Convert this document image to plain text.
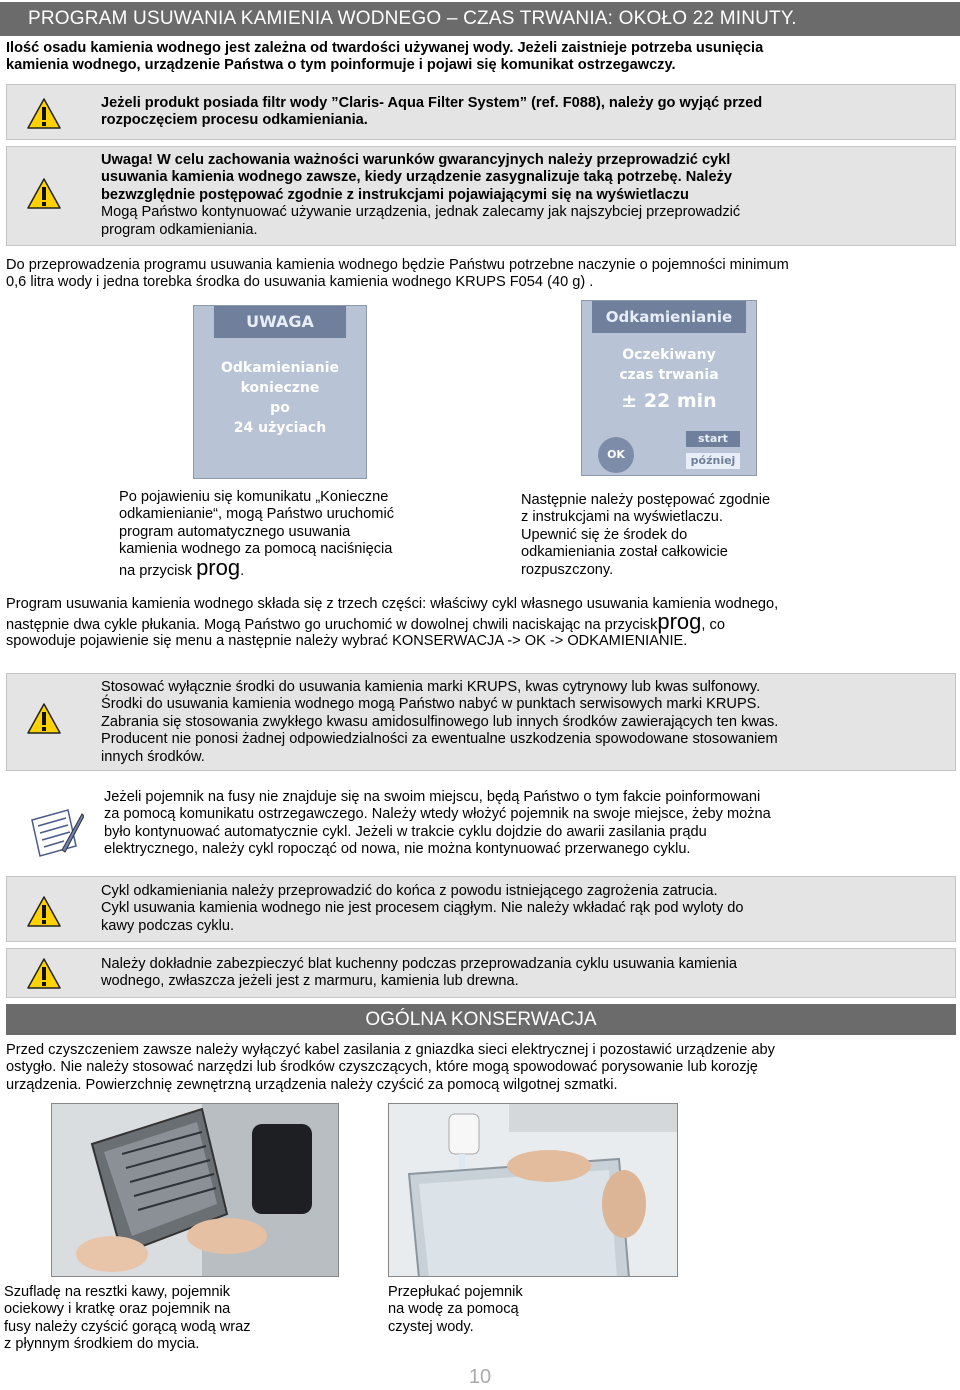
PROGRAM USUWANIA KAMIENIA WODNEGO – CZAS TRWANIA: OKOŁO 22 MINUTY.
Ilość osadu kamienia wodnego jest zależna od twardości używanej wody. Jeżeli zaistnieje potrzeba usunięcia
kamienia wodnego, urządzenie Państwa o tym poinformuje i pojawi się komunikat ostrzegawczy.
Jeżeli produkt posiada filtr wody ”Claris- Aqua Filter System” (ref. F088), należy go wyjąć przed
rozpoczęciem procesu odkamieniania.
Uwaga! W celu zachowania ważności warunków gwarancyjnych należy przeprowadzić cykl
usuwania kamienia wodnego zawsze, kiedy urządzenie zasygnalizuje taką potrzebę. Należy
bezwzględnie postępować zgodnie z instrukcjami pojawiającymi się na wyświetlaczu
Mogą Państwo kontynuować używanie urządzenia, jednak zalecamy jak najszybciej przeprowadzić
program odkamieniania.
Do przeprowadzenia programu usuwania kamienia wodnego będzie Państwu potrzebne naczynie o pojemności minimum
0,6 litra wody i jedna torebka środka do usuwania kamienia wodnego KRUPS F054 (40 g) .
UWAGA
Odkamienianie
konieczne
po
24 użyciach
Odkamienianie
Oczekiwany
czas trwania
± 22 min
OK
start
później
Po pojawieniu się komunikatu „Konieczne
odkamienianie“, mogą Państwo uruchomić
program automatycznego usuwania
kamienia wodnego za pomocą naciśnięcia
na przycisk prog.
Następnie należy postępować zgodnie
z instrukcjami na wyświetlaczu.
Upewnić się że środek do
odkamieniania został całkowicie
rozpuszczony.
Program usuwania kamienia wodnego składa się z trzech części: właściwy cykl własnego usuwania kamienia wodnego,
następnie dwa cykle płukania. Mogą Państwo go uruchomić w dowolnej chwili naciskając na przyciskprog, co
spowoduje pojawienie się menu a następnie należy wybrać KONSERWACJA -> OK -> ODKAMIENIANIE.
Stosować wyłącznie środki do usuwania kamienia marki KRUPS, kwas cytrynowy lub kwas sulfonowy.
Środki do usuwania kamienia wodnego mogą Państwo nabyć w punktach serwisowych marki KRUPS.
Zabrania się stosowania zwykłego kwasu amidosulfinowego lub innych środków zawierających ten kwas.
Producent nie ponosi żadnej odpowiedzialności za ewentualne uszkodzenia spowodowane stosowaniem
innych środków.
Jeżeli pojemnik na fusy nie znajduje się na swoim miejscu, będą Państwo o tym fakcie poinformowani
za pomocą komunikatu ostrzegawczego. Należy wtedy włożyć pojemnik na swoje miejsce, żeby można
było kontynuować automatycznie cykl. Jeżeli w trakcie cyklu dojdzie do awarii zasilania prądu
elektrycznego, należy cykl ropocząć od nowa, nie można kontynuować przerwanego cyklu.
Cykl odkamieniania należy przeprowadzić do końca z powodu istniejącego zagrożenia zatrucia.
Cykl usuwania kamienia wodnego nie jest procesem ciągłym. Nie należy wkładać rąk pod wyloty do
kawy podczas cyklu.
Należy dokładnie zabezpieczyć blat kuchenny podczas przeprowadzania cyklu usuwania kamienia
wodnego, zwłaszcza jeżeli jest z marmuru, kamienia lub drewna.
OGÓLNA KONSERWACJA
Przed czyszczeniem zawsze należy wyłączyć kabel zasilania z gniazdka sieci elektrycznej i pozostawić urządzenie aby
ostygło. Nie należy stosować narzędzi lub środków czyszczących, które mogą spowodować porysowanie lub korozję
urządzenia. Powierzchnię zewnętrzną urządzenia należy czyścić za pomocą wilgotnej szmatki.
Szufladę na resztki kawy, pojemnik
ociekowy i kratkę oraz pojemnik na
fusy należy czyścić gorącą wodą wraz
z płynnym środkiem do mycia.
Przepłukać pojemnik
na wodę za pomocą
czystej wody.
10
